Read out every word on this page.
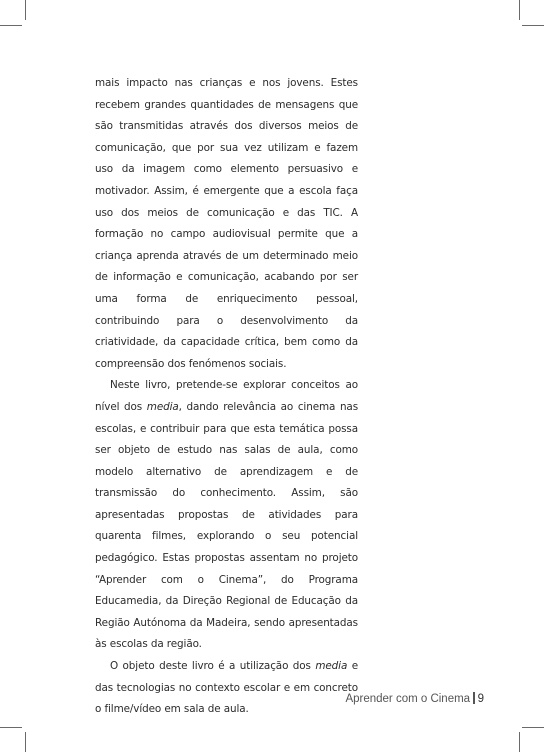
mais impacto nas crianças e nos jovens. Estes recebem grandes quantidades de mensagens que são transmitidas através dos diversos meios de comunicação, que por sua vez utilizam e fazem uso da imagem como elemento persuasivo e motivador. Assim, é emergente que a escola faça uso dos meios de comunicação e das TIC. A formação no campo audiovisual permite que a criança aprenda através de um determinado meio de informação e comunicação, acabando por ser uma forma de enriquecimento pessoal, contribuindo para o desenvolvimento da criatividade, da capacidade crítica, bem como da compreensão dos fenómenos sociais.

Neste livro, pretende-se explorar conceitos ao nível dos media, dando relevância ao cinema nas escolas, e contribuir para que esta temática possa ser objeto de estudo nas salas de aula, como modelo alternativo de aprendizagem e de transmissão do conhecimento. Assim, são apresentadas propostas de atividades para quarenta filmes, explorando o seu potencial pedagógico. Estas propostas assentam no projeto “Aprender com o Cinema”, do Programa Educamedia, da Direção Regional de Educação da Região Autónoma da Madeira, sendo apresentadas às escolas da região.

O objeto deste livro é a utilização dos media e das tecnologias no contexto escolar e em concreto o filme/vídeo em sala de aula.

Aprender com o Cinema 9
